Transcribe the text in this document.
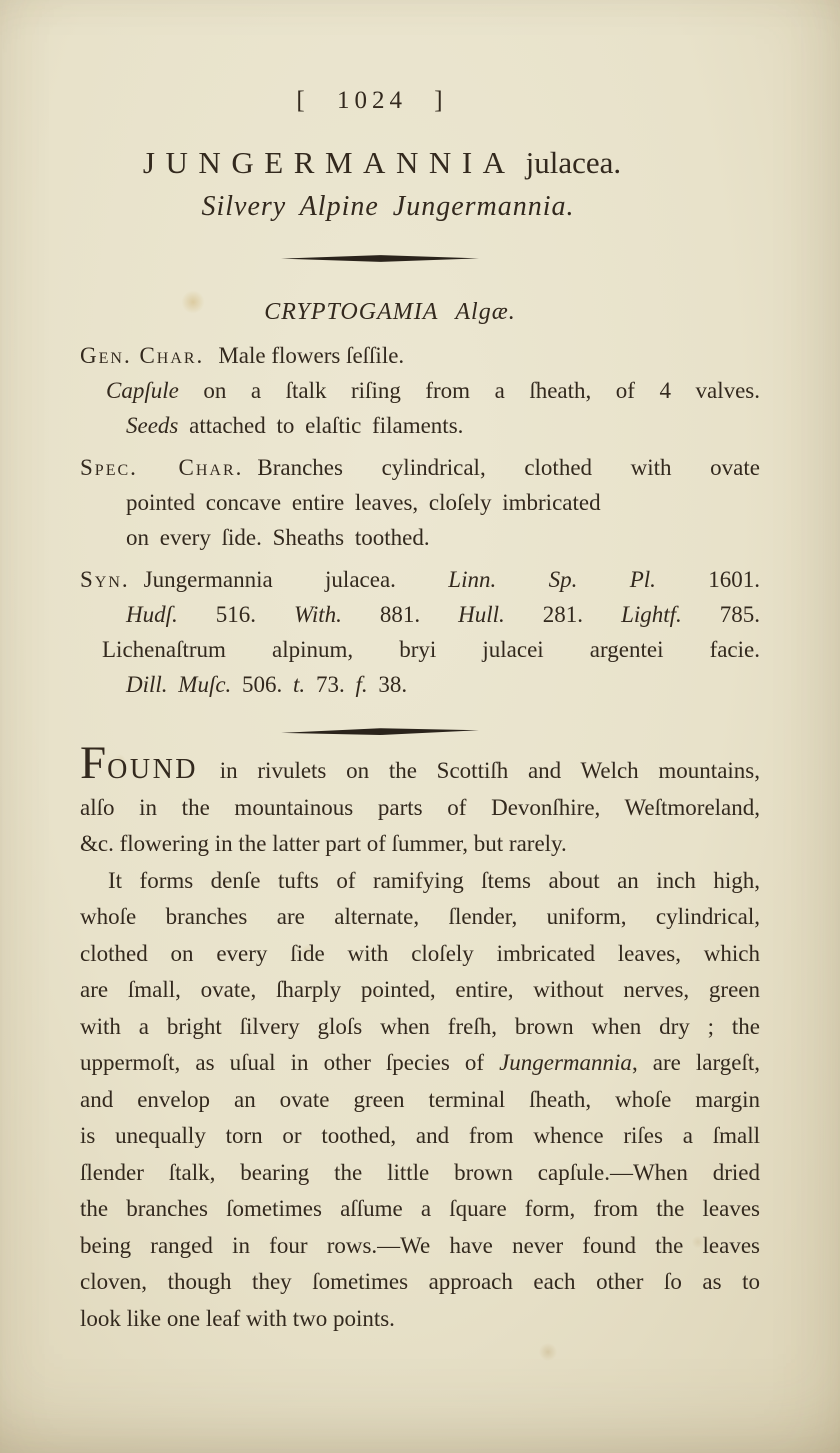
[ 1024 ]
JUNGERMANNIA julacea.
Silvery Alpine Jungermannia.
CRYPTOGAMIA Algæ.
Gen. Char. Male flowers ſeſſile.
Capſule on a ſtalk riſing from a ſheath, of 4 valves.
Seeds attached to elaſtic filaments.
Spec. Char. Branches cylindrical, clothed with ovate
pointed concave entire leaves, cloſely imbricated
on every ſide. Sheaths toothed.
Syn. Jungermannia julacea. Linn. Sp. Pl. 1601.
Hudſ. 516. With. 881. Hull. 281. Lightf. 785.
Lichenaſtrum alpinum, bryi julacei argentei facie.
Dill. Muſc. 506. t. 73. f. 38.
FOUND in rivulets on the Scottiſh and Welch mountains,
alſo in the mountainous parts of Devonſhire, Weſtmoreland,
&c. flowering in the latter part of ſummer, but rarely.
It forms denſe tufts of ramifying ſtems about an inch high,
whoſe branches are alternate, ſlender, uniform, cylindrical,
clothed on every ſide with cloſely imbricated leaves, which
are ſmall, ovate, ſharply pointed, entire, without nerves, green
with a bright ſilvery gloſs when freſh, brown when dry ; the
uppermoſt, as uſual in other ſpecies of Jungermannia, are largeſt,
and envelop an ovate green terminal ſheath, whoſe margin
is unequally torn or toothed, and from whence riſes a ſmall
ſlender ſtalk, bearing the little brown capſule.—When dried
the branches ſometimes aſſume a ſquare form, from the leaves
being ranged in four rows.—We have never found the leaves
cloven, though they ſometimes approach each other ſo as to
look like one leaf with two points.
